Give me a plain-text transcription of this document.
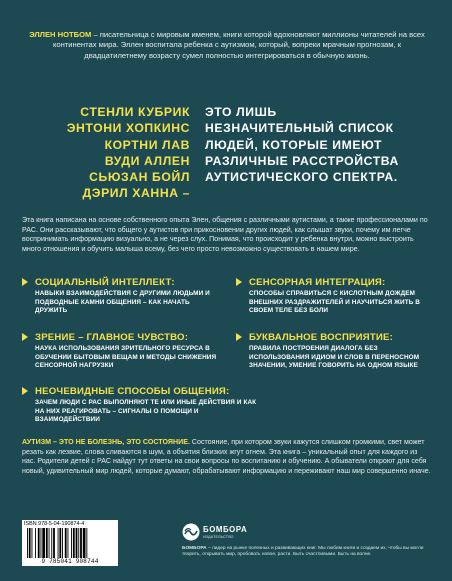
ЭЛЛЕН НОТБОМ – писательница с мировым именем, книги которой вдохновляют миллионы читателей на всех континентах мира. Эллен воспитала ребенка с аутизмом, который, вопреки мрачным прогнозам, к двадцатилетнему возрасту сумел полностью интегрироваться в обычную жизнь.

СТЕНЛИ КУБРИК
ЭНТОНИ ХОПКИНС
КОРТНИ ЛАВ
ВУДИ АЛЛЕН
СЬЮЗАН БОЙЛ
ДЭРИЛ ХАННА –
ЭТО ЛИШЬ
НЕЗНАЧИТЕЛЬНЫЙ СПИСОК
ЛЮДЕЙ, КОТОРЫЕ ИМЕЮТ
РАЗЛИЧНЫЕ РАССТРОЙСТВА
АУТИСТИЧЕСКОГО СПЕКТРА.

Эта книга написана на основе собственного опыта Элен, общения с различными аутистами, а также профессионалами по РАС. Они рассказывают, что общего у аутистов при прикосновении других людей, как слышат звуки, почему им легче воспринимать информацию визуально, а не через слух. Понимая, что происходит у ребенка внутри, можно выстроить много отношения и обучить малыша всему, без чего просто невозможно существовать в нашем мире.

СОЦИАЛЬНЫЙ ИНТЕЛЛЕКТ:
НАВЫКИ ВЗАИМОДЕЙСТВИЯ С ДРУГИМИ ЛЮДЬМИ И ПОДВОДНЫЕ КАМНИ ОБЩЕНИЯ – КАК НАЧАТЬ ДРУЖИТЬ
СЕНСОРНАЯ ИНТЕГРАЦИЯ:
СПОСОБЫ СПРАВИТЬСЯ С КИСЛОТНЫМ ДОЖДЕМ ВНЕШНИХ РАЗДРАЖИТЕЛЕЙ И НАУЧИТЬСЯ ЖИТЬ В СВОЕМ ТЕЛЕ БЕЗ БОЛИ
ЗРЕНИЕ – ГЛАВНОЕ ЧУВСТВО:
НАУКА ИСПОЛЬЗОВАНИЯ ЗРИТЕЛЬНОГО РЕСУРСА В ОБУЧЕНИИ БЫТОВЫМ ВЕЩАМ И МЕТОДЫ СНИЖЕНИЯ СЕНСОРНОЙ НАГРУЗКИ
БУКВАЛЬНОЕ ВОСПРИЯТИЕ:
ПРАВИЛА ПОСТРОЕНИЯ ДИАЛОГА БЕЗ ИСПОЛЬЗОВАНИЯ ИДИОМ И СЛОВ В ПЕРЕНОСНОМ ЗНАЧЕНИИ, УМЕНИЕ ГОВОРИТЬ НА ОДНОМ ЯЗЫКЕ
НЕОЧЕВИДНЫЕ СПОСОБЫ ОБЩЕНИЯ:
ЗАЧЕМ ЛЮДИ С РАС ВЫПОЛНЯЮТ ТЕ ИЛИ ИНЫЕ ДЕЙСТВИЯ И КАК НА НИХ РЕАГИРОВАТЬ – СИГНАЛЫ О ПОМОЩИ И ВЗАИМОДЕЙСТВИИ

АУТИЗМ – ЭТО НЕ БОЛЕЗНЬ, ЭТО СОСТОЯНИЕ. Состояние, при котором звуки кажутся слишком громкими, свет может резать как лезвие, слова сливаются в шум, а объятия близких жгут огнем. Эта книга – уникальный опыт для каждого из нас. Родители детей с РАС найдут тут ответы на свои вопросы по воспитанию и обучению. А обыватели откроют для себя новый, удивительный мир людей, которые думают, обрабатывают информацию и переживают наш мир совершенно иначе.

ISBN 978-5-04-190874-4
9 785041 908744
БОМБОРА
ИЗДАТЕЛЬСТВО

БОМБОРА – лидер на рынке полезных и развивающих книг. Мы любим книги и создаем их, чтобы вы могли творить, открывать мир, пробовать новое, расти. Быть счастливыми. Быть на волне.
